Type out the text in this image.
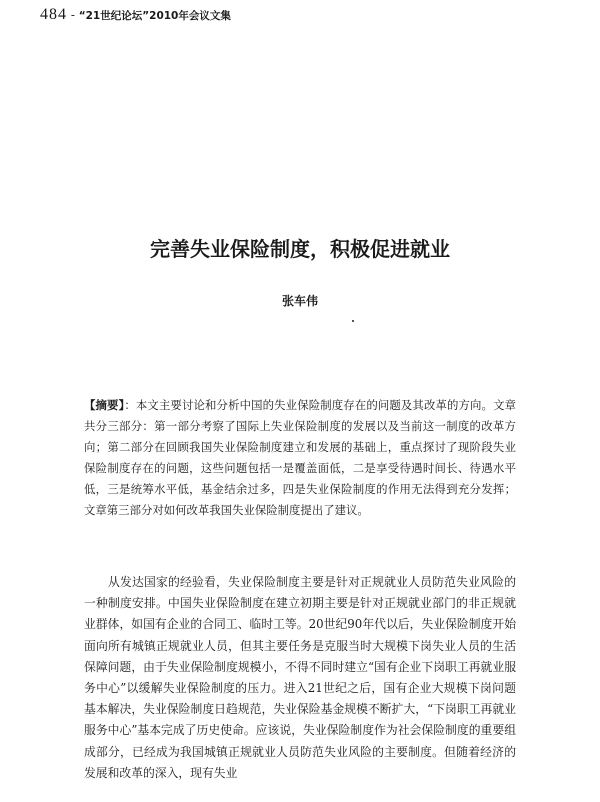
484 - “21世纪论坛”2010年会议文集
完善失业保险制度，积极促进就业

张车伟

【摘要】：本文主要讨论和分析中国的失业保险制度存在的问题及其改革的方向。文章共分三部分：第一部分考察了国际上失业保险制度的发展以及当前这一制度的改革方向；第二部分在回顾我国失业保险制度建立和发展的基础上，重点探讨了现阶段失业保险制度存在的问题，这些问题包括一是覆盖面低，二是享受待遇时间长、待遇水平低，三是统筹水平低，基金结余过多，四是失业保险制度的作用无法得到充分发挥；文章第三部分对如何改革我国失业保险制度提出了建议。

从发达国家的经验看，失业保险制度主要是针对正规就业人员防范失业风险的一种制度安排。中国失业保险制度在建立初期主要是针对正规就业部门的非正规就业群体，如国有企业的合同工、临时工等。20世纪90年代以后，失业保险制度开始面向所有城镇正规就业人员，但其主要任务是克服当时大规模下岗失业人员的生活保障问题，由于失业保险制度规模小，不得不同时建立“国有企业下岗职工再就业服务中心”以缓解失业保险制度的压力。进入21世纪之后，国有企业大规模下岗问题基本解决，失业保险制度日趋规范，失业保险基金规模不断扩大，“下岗职工再就业服务中心”基本完成了历史使命。应该说，失业保险制度作为社会保险制度的重要组成部分，已经成为我国城镇正规就业人员防范失业风险的主要制度。但随着经济的发展和改革的深入，现有失业
